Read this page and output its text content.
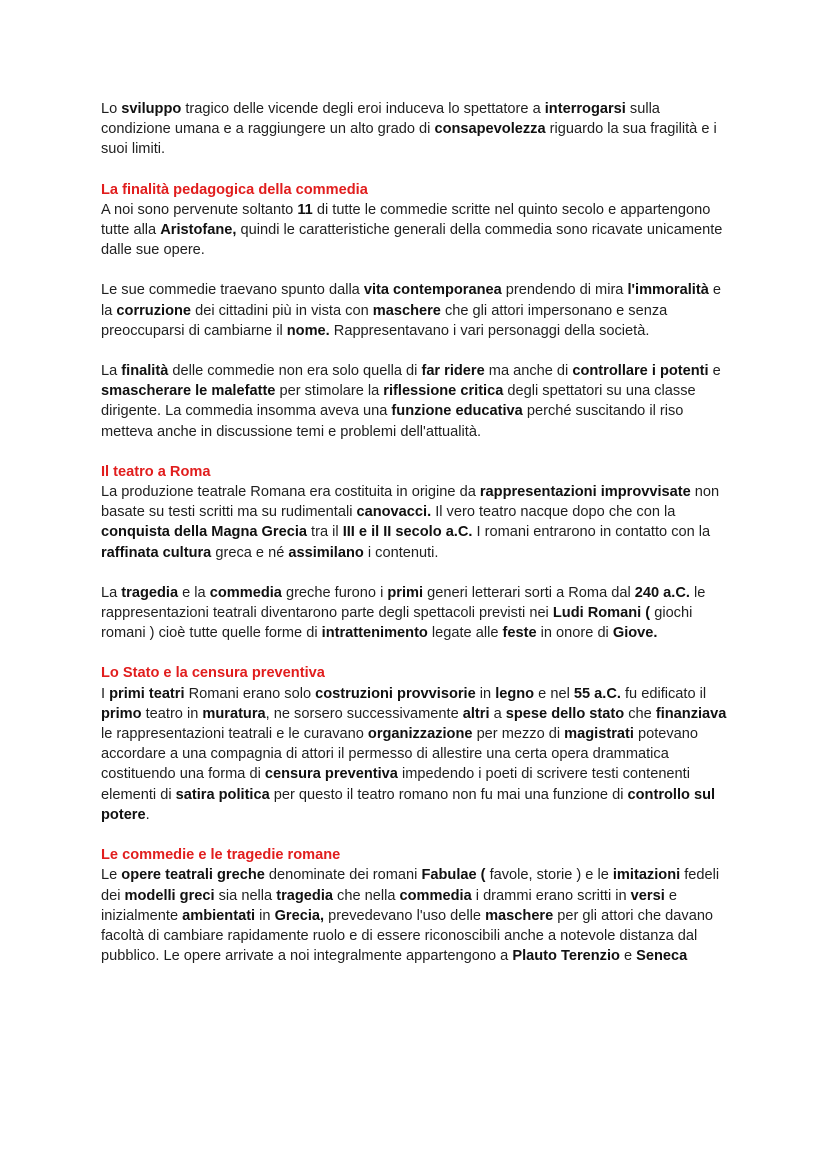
Lo sviluppo tragico delle vicende degli eroi induceva lo spettatore a interrogarsi sulla condizione umana e a raggiungere un alto grado di consapevolezza riguardo la sua fragilità e i suoi limiti.

La finalità pedagogica della commedia

A noi sono pervenute soltanto 11 di tutte le commedie scritte nel quinto secolo e appartengono tutte alla Aristofane, quindi le caratteristiche generali della commedia sono ricavate unicamente dalle sue opere.

Le sue commedie traevano spunto dalla vita contemporanea prendendo di mira l'immoralità e la corruzione dei cittadini più in vista con maschere che gli attori impersonano e senza preoccuparsi di cambiarne il nome. Rappresentavano i vari personaggi della società.

La finalità delle commedie non era solo quella di far ridere ma anche di controllare i potenti e smascherare le malefatte per stimolare la riflessione critica degli spettatori su una classe dirigente. La commedia insomma aveva una funzione educativa perché suscitando il riso metteva anche in discussione temi e problemi dell'attualità.

Il teatro a Roma

La produzione teatrale Romana era costituita in origine da rappresentazioni improvvisate non basate su testi scritti ma su rudimentali canovacci. Il vero teatro nacque dopo che con la conquista della Magna Grecia tra il III e il II secolo a.C. I romani entrarono in contatto con la raffinata cultura greca e né assimilano i contenuti.

La tragedia e la commedia greche furono i primi generi letterari sorti a Roma dal 240 a.C. le rappresentazioni teatrali diventarono parte degli spettacoli previsti nei Ludi Romani ( giochi romani ) cioè tutte quelle forme di intrattenimento legate alle feste in onore di Giove.

Lo Stato e la censura preventiva

I primi teatri Romani erano solo costruzioni provvisorie in legno e nel 55 a.C. fu edificato il primo teatro in muratura, ne sorsero successivamente altri a spese dello stato che finanziava le rappresentazioni teatrali e le curavano organizzazione per mezzo di magistrati potevano accordare a una compagnia di attori il permesso di allestire una certa opera drammatica costituendo una forma di censura preventiva impedendo i poeti di scrivere testi contenenti elementi di satira politica per questo il teatro romano non fu mai una funzione di controllo sul potere.

Le commedie e le tragedie romane

Le opere teatrali greche denominate dei romani Fabulae ( favole, storie ) e le imitazioni fedeli dei modelli greci sia nella tragedia che nella commedia i drammi erano scritti in versi e inizialmente ambientati in Grecia, prevedevano l'uso delle maschere per gli attori che davano facoltà di cambiare rapidamente ruolo e di essere riconoscibili anche a notevole distanza dal pubblico. Le opere arrivate a noi integralmente appartengono a Plauto Terenzio e Seneca
